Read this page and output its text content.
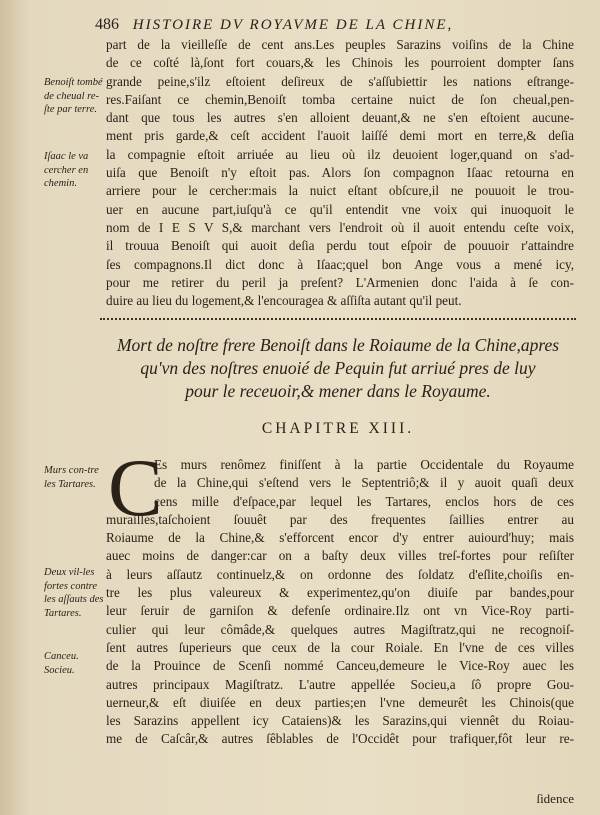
486 HISTOIRE DV ROYAVME DE LA CHINE,
part de la vieilleſſe de cent ans.Les peuples Sarazins voiſins de la Chine
de ce coſté là,ſont fort couars,& les Chinois les pourroient dompter ſans
grande peine,s'ilz eſtoient deſireux de s'aſſubiettir les nations eſtrange-
res.Faiſant ce chemin,Benoiſt tomba certaine nuict de ſon cheual,pen-
dant que tous les autres s'en alloient deuant,& ne s'en eſtoient aucune-
ment pris garde,& ceſt accident l'auoit laiſſé demi mort en terre,& deſia
la compagnie eſtoit arriuée au lieu où ilz deuoient loger,quand on s'ad-
uiſa que Benoiſt n'y eſtoit pas. Alors ſon compagnon Iſaac retourna en
arriere pour le cercher:mais la nuict eſtant obſcure,il ne pouuoit le trou-
uer en aucune part,iuſqu'à ce qu'il entendit vne voix qui inuoquoit le
nom de I E S V S,& marchant vers l'endroit où il auoit entendu ceſte voix,
il trouua Benoiſt qui auoit deſia perdu tout eſpoir de pouuoir r'attaindre
ſes compagnons.Il dict donc à Iſaac;quel bon Ange vous a mené icy,
pour me retirer du peril ja preſent? L'Armenien donc l'aida à ſe con-
duire au lieu du logement,& l'encouragea & aſſiſta autant qu'il peut.
Benoiſt tombé de cheual re-ſte par terre.
Iſaac le va cercher en chemin.
Mort de noſtre frere Benoiſt dans le Roiaume de la Chine,apres
qu'vn des noſtres enuoié de Pequin fut arriué pres de luy
pour le receuoir,& mener dans le Royaume.
CHAPITRE XIII.
C
Es murs renômez finiſſent à la partie Occidentale du Royaume
de la Chine,qui s'eſtend vers le Septentriô;& il y auoit quaſi deux
cens mille d'eſpace,par lequel les Tartares, enclos hors de ces
murailles,taſchoient ſouuêt par des frequentes ſaillies entrer au
Roiaume de la Chine,& s'efforcent encor d'y entrer auiourd'huy; mais
auec moins de danger:car on a baſty deux villes treſ-fortes pour reſiſter
à leurs aſſautz continuelz,& on ordonne des ſoldatz d'eſlite,choiſis en-
tre les plus valeureux & experimentez,qu'on diuiſe par bandes,pour
leur ſeruir de garniſon & defenſe ordinaire.Ilz ont vn Vice-Roy parti-
culier qui leur cômâde,& quelques autres Magiſtratz,qui ne recognoiſ-
ſent autres ſuperieurs que ceux de la cour Roiale. En l'vne de ces villes
de la Prouince de Scenſi nommé Canceu,demeure le Vice-Roy auec les
autres principaux Magiſtratz. L'autre appellée Socieu,a ſô propre Gou-
uerneur,& eſt diuiſée en deux parties;en l'vne demeurêt les Chinois(que
les Sarazins appellent icy Cataiens)& les Sarazins,qui viennêt du Roiau-
me de Caſcâr,& autres ſêblables de l'Occidêt pour trafiquer,fôt leur re-
Murs con-tre les Tartares.
Deux vil-les fortes contre les aſſauts des Tartares.
Canceu. Socieu.
ſidence
